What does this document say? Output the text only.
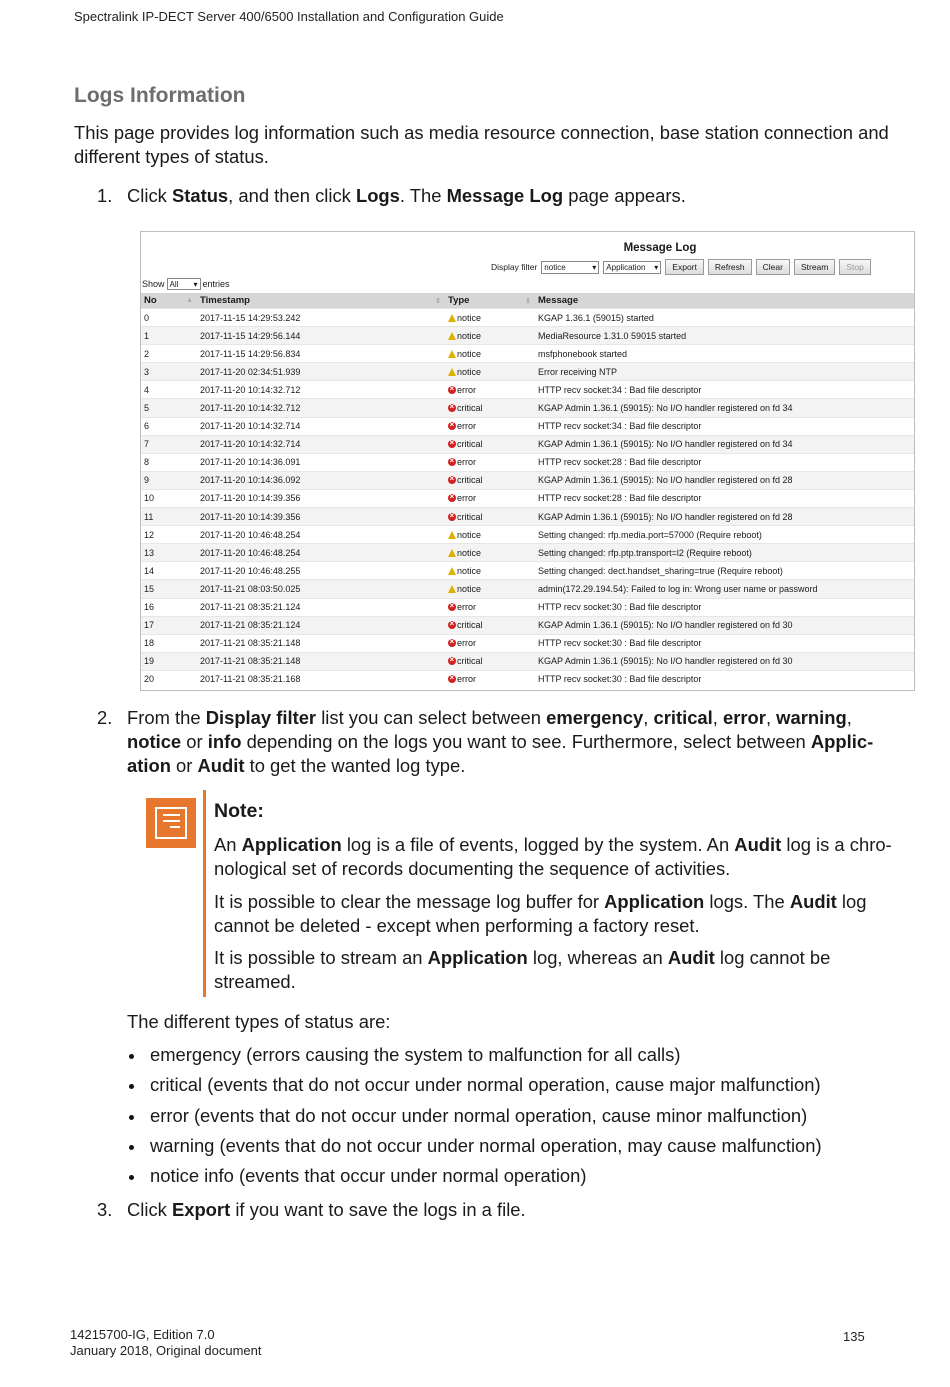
Spectralink IP-DECT Server 400/6500 Installation and Configuration Guide
Logs Information
This page provides log information such as media resource connection, base station connection and different types of status.
1. Click Status, and then click Logs. The Message Log page appears.
Message Log
Display filter notice	▾ Application ▾	Export	Refresh	Clear	Stream	Stop
Show All ▾ entries
No ▲	Timestamp ⇕	Type ⇕	Message
0	2017-11-15 14:29:53.242	notice	KGAP 1.36.1 (59015) started
1	2017-11-15 14:29:56.144	notice	MediaResource 1.31.0 59015 started
2	2017-11-15 14:29:56.834	notice	msfphonebook started
3	2017-11-20 02:34:51.939	notice	Error receiving NTP
4	2017-11-20 10:14:32.712	×error	HTTP recv socket:34 : Bad file descriptor
5	2017-11-20 10:14:32.712	×critical	KGAP Admin 1.36.1 (59015): No I/O handler registered on fd 34
6	2017-11-20 10:14:32.714	×error	HTTP recv socket:34 : Bad file descriptor
7	2017-11-20 10:14:32.714	×critical	KGAP Admin 1.36.1 (59015): No I/O handler registered on fd 34
8	2017-11-20 10:14:36.091	×error	HTTP recv socket:28 : Bad file descriptor
9	2017-11-20 10:14:36.092	×critical	KGAP Admin 1.36.1 (59015): No I/O handler registered on fd 28
10	2017-11-20 10:14:39.356	×error	HTTP recv socket:28 : Bad file descriptor
11	2017-11-20 10:14:39.356	×critical	KGAP Admin 1.36.1 (59015): No I/O handler registered on fd 28
12	2017-11-20 10:46:48.254	notice	Setting changed: rfp.media.port=57000 (Require reboot)
13	2017-11-20 10:46:48.254	notice	Setting changed: rfp.ptp.transport=l2 (Require reboot)
14	2017-11-20 10:46:48.255	notice	Setting changed: dect.handset_sharing=true (Require reboot)
15	2017-11-21 08:03:50.025	notice	admin(172.29.194.54): Failed to log in: Wrong user name or password
16	2017-11-21 08:35:21.124	×error	HTTP recv socket:30 : Bad file descriptor
17	2017-11-21 08:35:21.124	×critical	KGAP Admin 1.36.1 (59015): No I/O handler registered on fd 30
18	2017-11-21 08:35:21.148	×error	HTTP recv socket:30 : Bad file descriptor
19	2017-11-21 08:35:21.148	×critical	KGAP Admin 1.36.1 (59015): No I/O handler registered on fd 30
20	2017-11-21 08:35:21.168	×error	HTTP recv socket:30 : Bad file descriptor
2. From the Display filter list you can select between emergency, critical, error, warning,
notice or info depending on the logs you want to see. Furthermore, select between Applic-
ation or Audit to get the wanted log type.
Note:
An Application log is a file of events, logged by the system. An Audit log is a chro-
nological set of records documenting the sequence of activities.
It is possible to clear the message log buffer for Application logs. The Audit log
cannot be deleted - except when performing a factory reset.
It is possible to stream an Application log, whereas an Audit log cannot be
streamed.
The different types of status are:
emergency (errors causing the system to malfunction for all calls)
critical (events that do not occur under normal operation, cause major malfunction)
error (events that do not occur under normal operation, cause minor malfunction)
warning (events that do not occur under normal operation, may cause malfunction)
notice info (events that occur under normal operation)
3. Click Export if you want to save the logs in a file.
14215700-IG, Edition 7.0
January 2018, Original document
135
